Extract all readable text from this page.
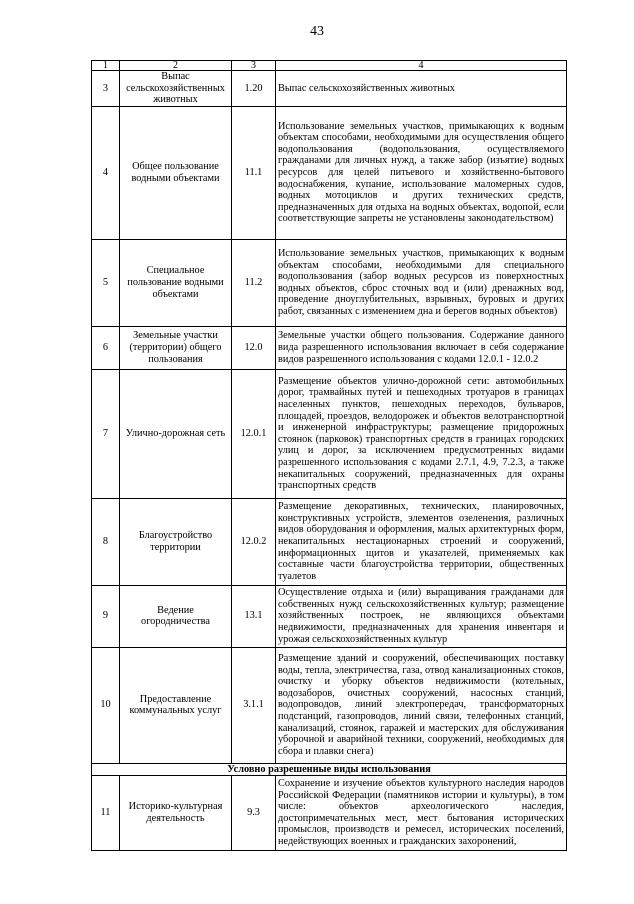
43
1	2	3	4
3	Выпас сельскохозяйственных животных	1.20	Выпас сельскохозяйственных животных
4	Общее пользование водными объектами	11.1	Использование земельных участков, примыкающих к водным объектам способами, необходимыми для осуществления общего водопользования (водопользования, осуществляемого гражданами для личных нужд, а также забор (изъятие) водных ресурсов для целей питьевого и хозяйственно-бытового водоснабжения, купание, использование маломерных судов, водных мотоциклов и других технических средств, предназначенных для отдыха на водных объектах, водопой, если соответствующие запреты не установлены законодательством)
5	Специальное пользование водными объектами	11.2	Использование земельных участков, примыкающих к водным объектам способами, необходимыми для специального водопользования (забор водных ресурсов из поверхностных водных объектов, сброс сточных вод и (или) дренажных вод, проведение дноуглубительных, взрывных, буровых и других работ, связанных с изменением дна и берегов водных объектов)
6	Земельные участки (территории) общего пользования	12.0	Земельные участки общего пользования. Содержание данного вида разрешенного использования включает в себя содержание видов разрешенного использования с кодами 12.0.1 - 12.0.2
7	Улично-дорожная сеть	12.0.1	Размещение объектов улично-дорожной сети: автомобильных дорог, трамвайных путей и пешеходных тротуаров в границах населенных пунктов, пешеходных переходов, бульваров, площадей, проездов, велодорожек и объектов велотранспортной и инженерной инфраструктуры; размещение придорожных стоянок (парковок) транспортных средств в границах городских улиц и дорог, за исключением предусмотренных видами разрешенного использования с кодами 2.7.1, 4.9, 7.2.3, а также некапитальных сооружений, предназначенных для охраны транспортных средств
8	Благоустройство территории	12.0.2	Размещение декоративных, технических, планировочных, конструктивных устройств, элементов озеленения, различных видов оборудования и оформления, малых архитектурных форм, некапитальных нестационарных строений и сооружений, информационных щитов и указателей, применяемых как составные части благоустройства территории, общественных туалетов
9	Ведение огородничества	13.1	Осуществление отдыха и (или) выращивания гражданами для собственных нужд сельскохозяйственных культур; размещение хозяйственных построек, не являющихся объектами недвижимости, предназначенных для хранения инвентаря и урожая сельскохозяйственных культур
10	Предоставление коммунальных услуг	3.1.1	Размещение зданий и сооружений, обеспечивающих поставку воды, тепла, электричества, газа, отвод канализационных стоков, очистку и уборку объектов недвижимости (котельных, водозаборов, очистных сооружений, насосных станций, водопроводов, линий электропередач, трансформаторных подстанций, газопроводов, линий связи, телефонных станций, канализаций, стоянок, гаражей и мастерских для обслуживания уборочной и аварийной техники, сооружений, необходимых для сбора и плавки снега)
Условно разрешенные виды использования			
11	Историко-культурная деятельность	9.3	Сохранение и изучение объектов культурного наследия народов Российской Федерации (памятников истории и культуры), в том числе: объектов археологического наследия, достопримечательных мест, мест бытования исторических промыслов, производств и ремесел, исторических поселений, недействующих военных и гражданских захоронений,
